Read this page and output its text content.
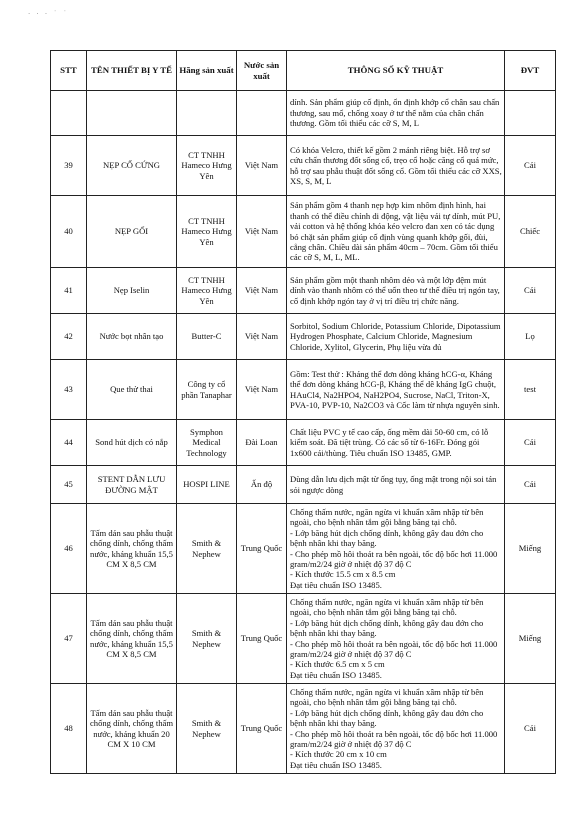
· · · ˙ ˙
STT	TÊN THIẾT BỊ Y TẾ	Hãng sản xuất	Nước sản xuất	THÔNG SỐ KỸ THUẬT	ĐVT
				dính. Sản phẩm giúp cố định, ổn định khớp cổ chân sau chấn thương, sau mổ, chống xoay ở tư thế nằm của chân chấn thương. Gồm tối thiểu các cỡ S, M, L	
39	NẸP CỔ CỨNG	CT TNHH Hameco Hưng Yên	Việt Nam	Có khóa Velcro, thiết kế gồm 2 mảnh riêng biệt. Hỗ trợ sơ cứu chấn thương đốt sống cổ, trẹo cổ hoặc căng cổ quá mức, hỗ trợ sau phẫu thuật đốt sống cổ. Gồm tối thiểu các cỡ XXS, XS, S, M, L	Cái
40	NẸP GỐI	CT TNHH Hameco Hưng Yên	Việt Nam	Sản phẩm gồm 4 thanh nẹp hợp kim nhôm định hình, hai thanh có thể điều chỉnh di động, vật liệu vải tự dính, mút PU, vải cotton và hệ thống khóa kéo velcro đan xen có tác dụng bó chặt sản phẩm giúp cố định vùng quanh khớp gối, đùi, cẳng chân. Chiều dài sản phẩm 40cm – 70cm. Gồm tối thiểu các cỡ S, M, L, ML.	Chiếc
41	Nẹp Iselin	CT TNHH Hameco Hưng Yên	Việt Nam	Sản phẩm gồm một thanh nhôm dẻo và một lớp đệm mút dính vào thanh nhôm có thể uốn theo tư thế điều trị ngón tay, cố định khớp ngón tay ở vị trí điều trị chức năng.	Cái
42	Nước bọt nhân tạo	Butter-C	Việt Nam	Sorbitol, Sodium Chloride, Potassium Chloride, Dipotassium Hydrogen Phosphate, Calcium Chloride, Magnesium Chloride, Xylitol, Glycerin, Phụ liệu vừa đủ	Lọ
43	Que thử thai	Công ty cổ phần Tanaphar	Việt Nam	Gồm: Test thử : Kháng thể đơn dòng kháng hCG-α, Kháng thể đơn dòng kháng hCG-β, Kháng thể dê kháng IgG chuột, HAuCl4, Na2HPO4, NaH2PO4, Sucrose, NaCl, Triton-X, PVA-10, PVP-10, Na2CO3 và Cốc làm từ nhựa nguyên sinh.	test
44	Sond hút dịch có nắp	Symphon Medical Technology	Đài Loan	Chất liệu PVC y tế cao cấp, ống mềm dài 50-60 cm, có lỗ kiểm soát. Đã tiệt trùng. Có các số từ 6-16Fr. Đóng gói 1x600 cái/thùng. Tiêu chuẩn ISO 13485, GMP.	Cái
45	STENT DẪN LƯU ĐƯỜNG MẬT	HOSPI LINE	Ấn độ	Dùng dẫn lưu dịch mật từ ống tụy, ống mật trong nội soi tán sỏi ngược dòng	Cái
46	Tấm dán sau phẫu thuật chống dính, chống thấm nước, kháng khuẩn 15,5 CM X 8,5 CM	Smith & Nephew	Trung Quốc	Chống thấm nước, ngăn ngừa vi khuẩn xâm nhập từ bên ngoài, cho bệnh nhân tắm gội bằng băng tại chỗ.
- Lớp băng hút dịch chống dính, không gây đau đớn cho bệnh nhân khi thay băng.
- Cho phép mồ hôi thoát ra bên ngoài, tốc độ bốc hơi 11.000 gram/m2/24 giờ ở nhiệt độ 37 độ C
- Kích thước 15.5 cm x 8.5 cm
Đạt tiêu chuẩn ISO 13485.	Miếng
47	Tấm dán sau phẫu thuật chống dính, chống thấm nước, kháng khuẩn 15,5 CM X 8,5 CM	Smith & Nephew	Trung Quốc	Chống thấm nước, ngăn ngừa vi khuẩn xâm nhập từ bên ngoài, cho bệnh nhân tắm gội bằng băng tại chỗ.
- Lớp băng hút dịch chống dính, không gây đau đớn cho bệnh nhân khi thay băng.
- Cho phép mồ hôi thoát ra bên ngoài, tốc độ bốc hơi 11.000 gram/m2/24 giờ ở nhiệt độ 37 độ C
- Kích thước 6.5 cm x 5 cm
Đạt tiêu chuẩn ISO 13485.	Miếng
48	Tấm dán sau phẫu thuật chống dính, chống thấm nước, kháng khuẩn 20 CM X 10 CM	Smith & Nephew	Trung Quốc	Chống thấm nước, ngăn ngừa vi khuẩn xâm nhập từ bên ngoài, cho bệnh nhân tắm gội bằng băng tại chỗ.
- Lớp băng hút dịch chống dính, không gây đau đớn cho bệnh nhân khi thay băng.
- Cho phép mồ hôi thoát ra bên ngoài, tốc độ bốc hơi 11.000 gram/m2/24 giờ ở nhiệt độ 37 độ C
- Kích thước 20 cm x 10 cm
Đạt tiêu chuẩn ISO 13485.	Cái
